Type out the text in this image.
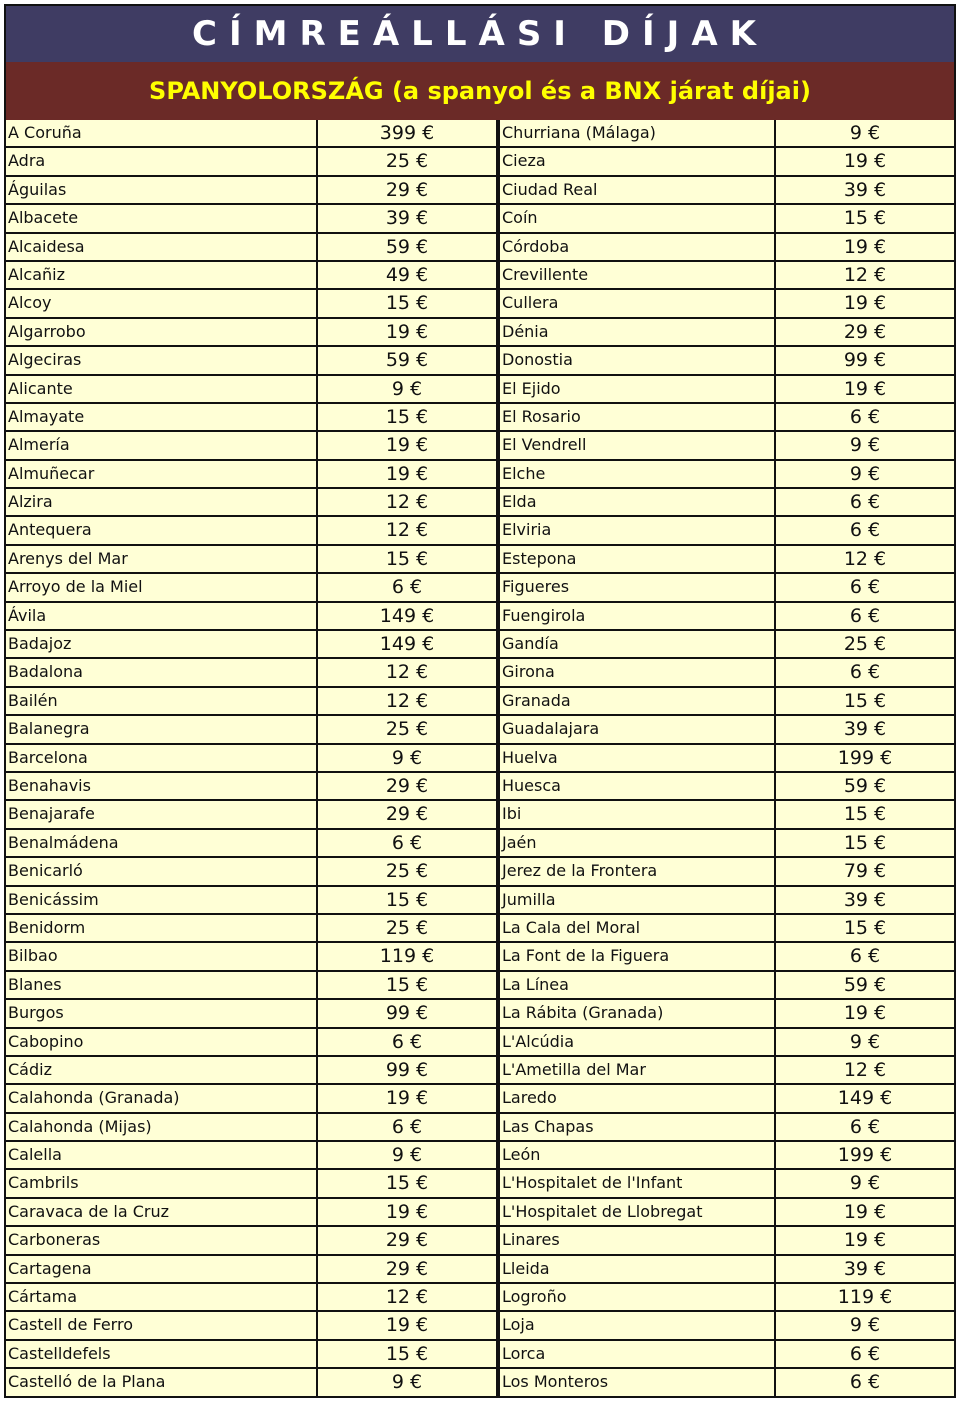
CÍMREÁLLÁSI DÍJAK
SPANYOLORSZÁG (a spanyol és a BNX járat díjai)
A Coruña	399 €	Churriana (Málaga)	9 €
Adra	25 €	Cieza	19 €
Águilas	29 €	Ciudad Real	39 €
Albacete	39 €	Coín	15 €
Alcaidesa	59 €	Córdoba	19 €
Alcañiz	49 €	Crevillente	12 €
Alcoy	15 €	Cullera	19 €
Algarrobo	19 €	Dénia	29 €
Algeciras	59 €	Donostia	99 €
Alicante	9 €	El Ejido	19 €
Almayate	15 €	El Rosario	6 €
Almería	19 €	El Vendrell	9 €
Almuñecar	19 €	Elche	9 €
Alzira	12 €	Elda	6 €
Antequera	12 €	Elviria	6 €
Arenys del Mar	15 €	Estepona	12 €
Arroyo de la Miel	6 €	Figueres	6 €
Ávila	149 €	Fuengirola	6 €
Badajoz	149 €	Gandía	25 €
Badalona	12 €	Girona	6 €
Bailén	12 €	Granada	15 €
Balanegra	25 €	Guadalajara	39 €
Barcelona	9 €	Huelva	199 €
Benahavis	29 €	Huesca	59 €
Benajarafe	29 €	Ibi	15 €
Benalmádena	6 €	Jaén	15 €
Benicarló	25 €	Jerez de la Frontera	79 €
Benicássim	15 €	Jumilla	39 €
Benidorm	25 €	La Cala del Moral	15 €
Bilbao	119 €	La Font de la Figuera	6 €
Blanes	15 €	La Línea	59 €
Burgos	99 €	La Rábita (Granada)	19 €
Cabopino	6 €	L'Alcúdia	9 €
Cádiz	99 €	L'Ametilla del Mar	12 €
Calahonda (Granada)	19 €	Laredo	149 €
Calahonda (Mijas)	6 €	Las Chapas	6 €
Calella	9 €	León	199 €
Cambrils	15 €	L'Hospitalet de l'Infant	9 €
Caravaca de la Cruz	19 €	L'Hospitalet de Llobregat	19 €
Carboneras	29 €	Linares	19 €
Cartagena	29 €	Lleida	39 €
Cártama	12 €	Logroño	119 €
Castell de Ferro	19 €	Loja	9 €
Castelldefels	15 €	Lorca	6 €
Castelló de la Plana	9 €	Los Monteros	6 €
